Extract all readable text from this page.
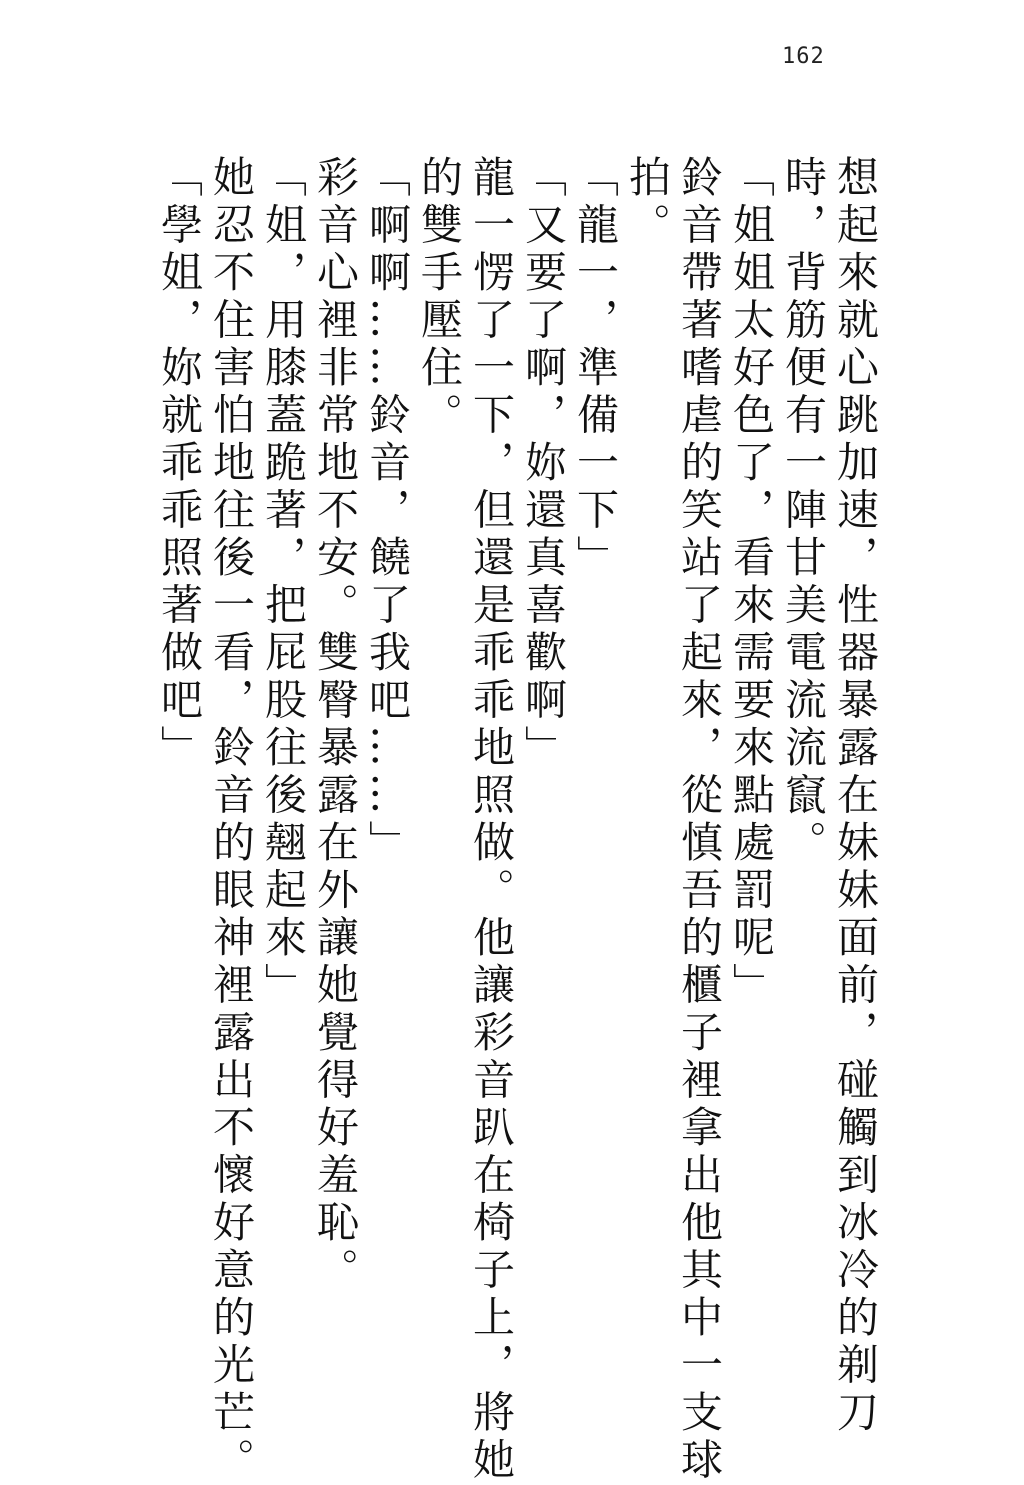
162

想起來就心跳加速，性器暴露在妹妹面前，碰觸到冰冷的剃刀

時，背筋便有一陣甘美電流流竄。

「姐姐太好色了，看來需要來點處罰呢」

鈴音帶著嗜虐的笑站了起來，從慎吾的櫃子裡拿出他其中一支球

拍。

「龍一，準備一下」

「又要了啊，妳還真喜歡啊」

龍一愣了一下，但還是乖乖地照做。他讓彩音趴在椅子上，將她

的雙手壓住。

「啊啊……鈴音，饒了我吧……」

彩音心裡非常地不安。雙臀暴露在外讓她覺得好羞恥。

「姐，用膝蓋跪著，把屁股往後翹起來」

她忍不住害怕地往後一看，鈴音的眼神裡露出不懷好意的光芒。

「學姐，妳就乖乖照著做吧」
